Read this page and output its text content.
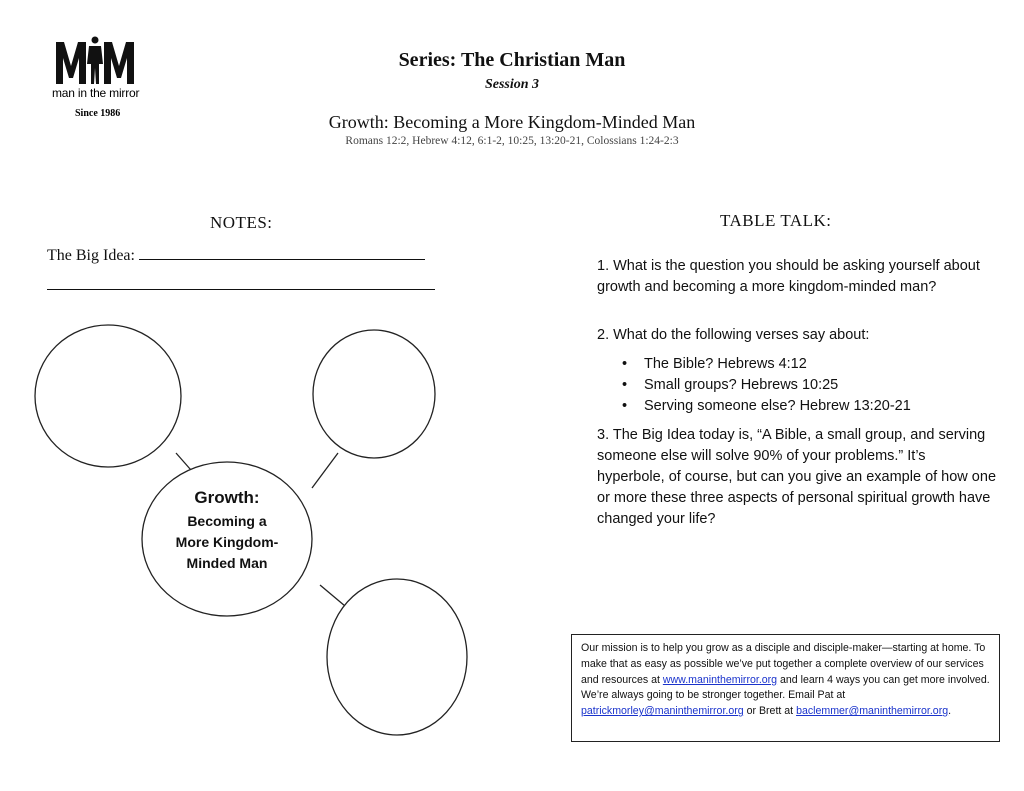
man in the mirror
Since 1986
Series: The Christian Man
Session 3
Growth: Becoming a More Kingdom-Minded Man
Romans 12:2, Hebrew 4:12, 6:1-2, 10:25, 13:20-21, Colossians 1:24-2:3
NOTES:
The Big Idea:
Growth:
Becoming a
More Kingdom-
Minded Man
TABLE TALK:
1. What is the question you should be asking yourself about growth and becoming a more kingdom-minded man?
2. What do the following verses say about:
• The Bible? Hebrews 4:12
• Small groups? Hebrews 10:25
• Serving someone else? Hebrew 13:20-21
3. The Big Idea today is, “A Bible, a small group, and serving someone else will solve 90% of your problems.” It’s hyperbole, of course, but can you give an example of how one or more these three aspects of personal spiritual growth have changed your life?
Our mission is to help you grow as a disciple and disciple-maker—starting at home. To make that as easy as possible we’ve put together a complete overview of our services and resources at www.maninthemirror.org and learn 4 ways you can get more involved. We’re always going to be stronger together. Email Pat at patrickmorley@maninthemirror.org or Brett at baclemmer@maninthemirror.org.
